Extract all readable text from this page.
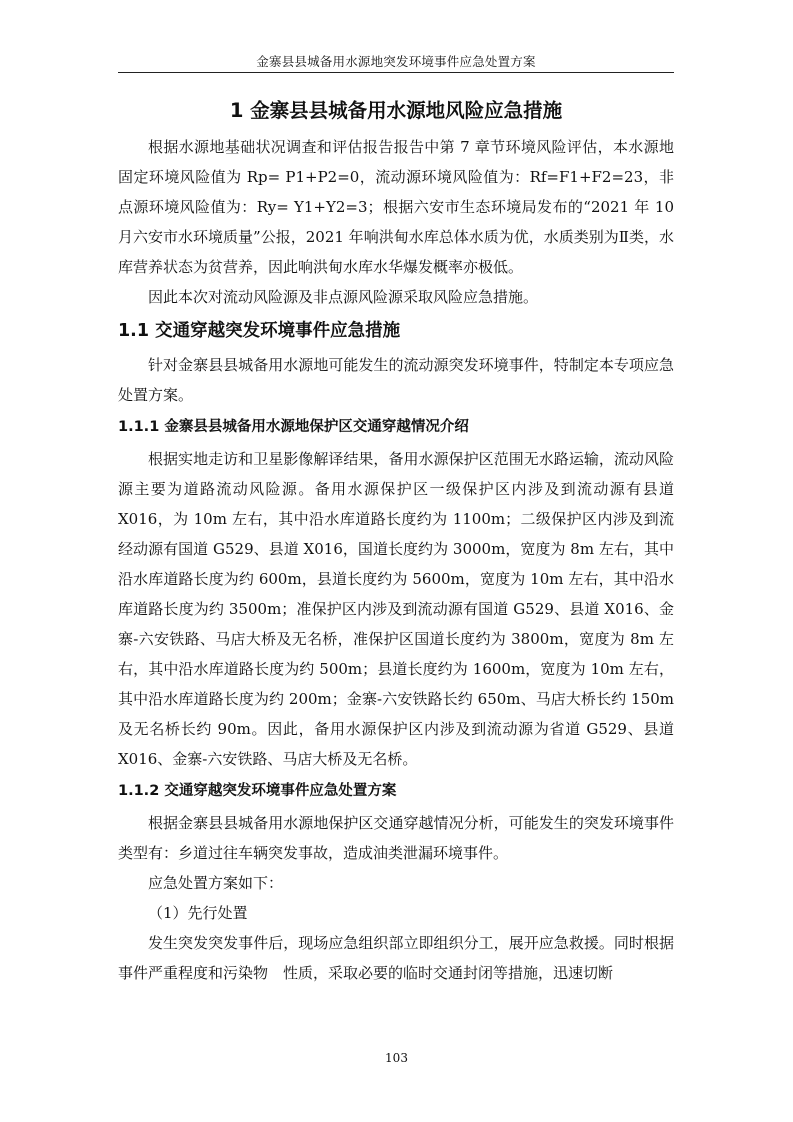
金寨县县城备用水源地突发环境事件应急处置方案
1 金寨县县城备用水源地风险应急措施

根据水源地基础状况调查和评估报告报告中第 7 章节环境风险评估，本水源地固定环境风险值为 Rp= P1+P2=0，流动源环境风险值为：Rf=F1+F2=23，非点源环境风险值为：Ry= Y1+Y2=3；根据六安市生态环境局发布的“2021 年 10 月六安市水环境质量”公报，2021 年响洪甸水库总体水质为优，水质类别为Ⅱ类，水库营养状态为贫营养，因此响洪甸水库水华爆发概率亦极低。

因此本次对流动风险源及非点源风险源采取风险应急措施。

1.1 交通穿越突发环境事件应急措施

针对金寨县县城备用水源地可能发生的流动源突发环境事件，特制定本专项应急处置方案。

1.1.1 金寨县县城备用水源地保护区交通穿越情况介绍

根据实地走访和卫星影像解译结果，备用水源保护区范围无水路运输，流动风险源主要为道路流动风险源。备用水源保护区一级保护区内涉及到流动源有县道 X016，为 10m 左右，其中沿水库道路长度约为 1100m；二级保护区内涉及到流经动源有国道 G529、县道 X016，国道长度约为 3000m，宽度为 8m 左右，其中沿水库道路长度为约 600m，县道长度约为 5600m，宽度为 10m 左右，其中沿水库道路长度为约 3500m；准保护区内涉及到流动源有国道 G529、县道 X016、金寨-六安铁路、马店大桥及无名桥，准保护区国道长度约为 3800m，宽度为 8m 左右，其中沿水库道路长度为约 500m；县道长度约为 1600m，宽度为 10m 左右，其中沿水库道路长度为约 200m；金寨-六安铁路长约 650m、马店大桥长约 150m 及无名桥长约 90m。因此，备用水源保护区内涉及到流动源为省道 G529、县道 X016、金寨-六安铁路、马店大桥及无名桥。

1.1.2 交通穿越突发环境事件应急处置方案

根据金寨县县城备用水源地保护区交通穿越情况分析，可能发生的突发环境事件类型有：乡道过往车辆突发事故，造成油类泄漏环境事件。

应急处置方案如下：

（1）先行处置

发生突发突发事件后，现场应急组织部立即组织分工，展开应急救援。同时根据事件严重程度和污染物　性质，采取必要的临时交通封闭等措施，迅速切断

103
